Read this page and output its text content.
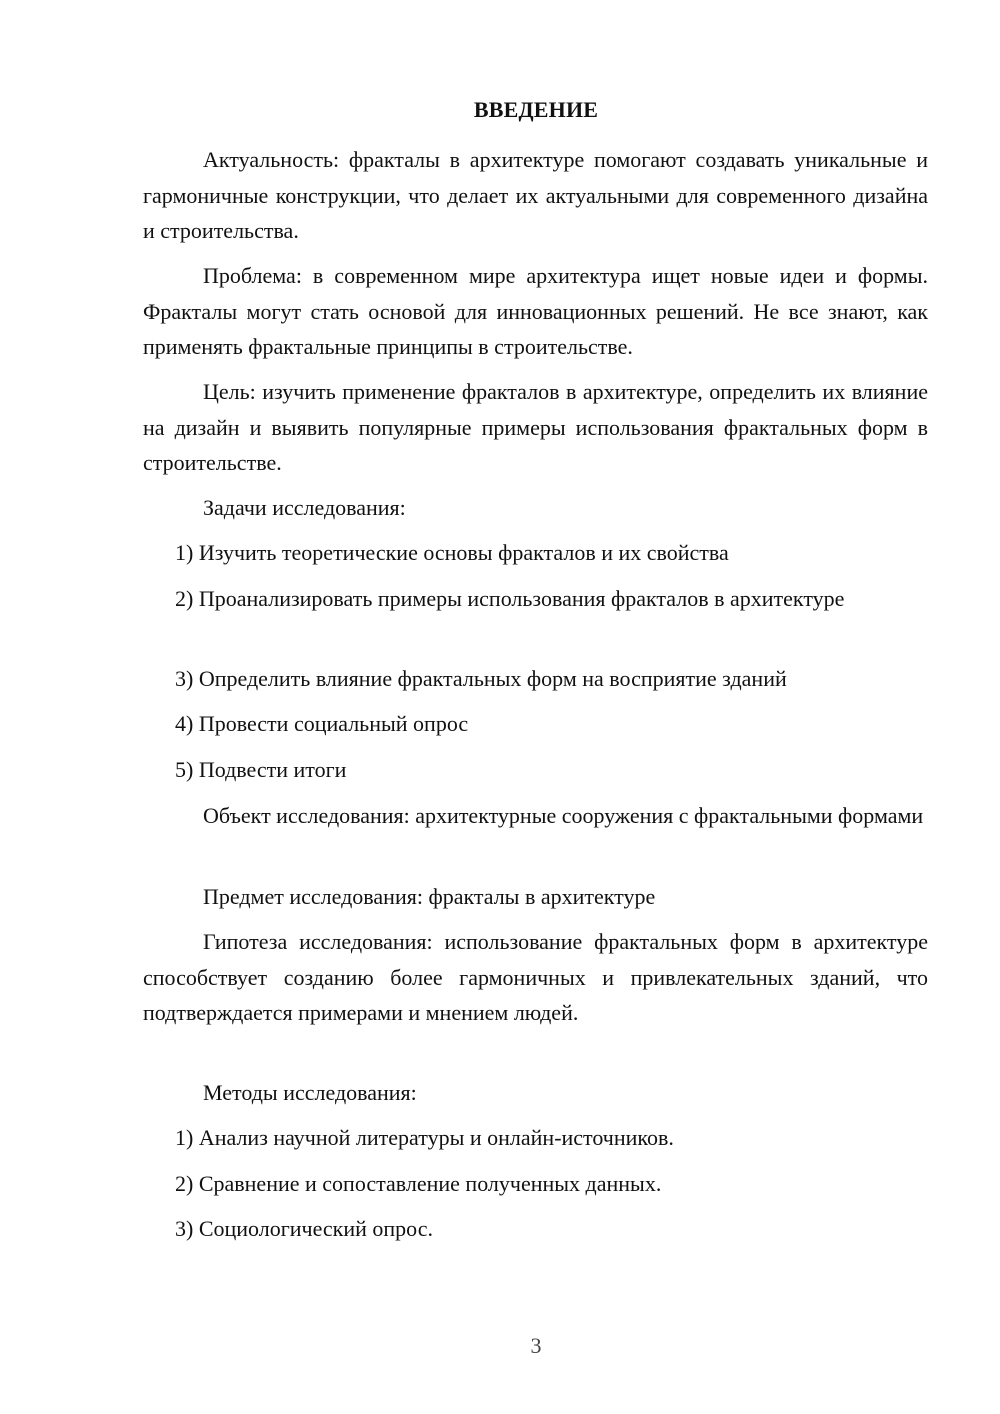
ВВЕДЕНИЕ
Актуальность: фракталы в архитектуре помогают создавать уникальные и гармоничные конструкции, что делает их актуальными для современного дизайна и строительства.
Проблема: в современном мире архитектура ищет новые идеи и формы. Фракталы могут стать основой для инновационных решений. Не все знают, как применять фрактальные принципы в строительстве.
Цель: изучить применение фракталов в архитектуре, определить их влияние на дизайн и выявить популярные примеры использования фрактальных форм в строительстве.
Задачи исследования:
1) Изучить теоретические основы фракталов и их свойства
2) Проанализировать примеры использования фракталов в архитектуре
3) Определить влияние фрактальных форм на восприятие зданий
4) Провести социальный опрос
5) Подвести итоги
Объект исследования: архитектурные сооружения с фрактальными формами
Предмет исследования: фракталы в архитектуре
Гипотеза исследования: использование фрактальных форм в архитектуре способствует созданию более гармоничных и привлекательных зданий, что подтверждается примерами и мнением людей.
Методы исследования:
1) Анализ научной литературы и онлайн-источников.
2) Сравнение и сопоставление полученных данных.
3) Социологический опрос.
3
